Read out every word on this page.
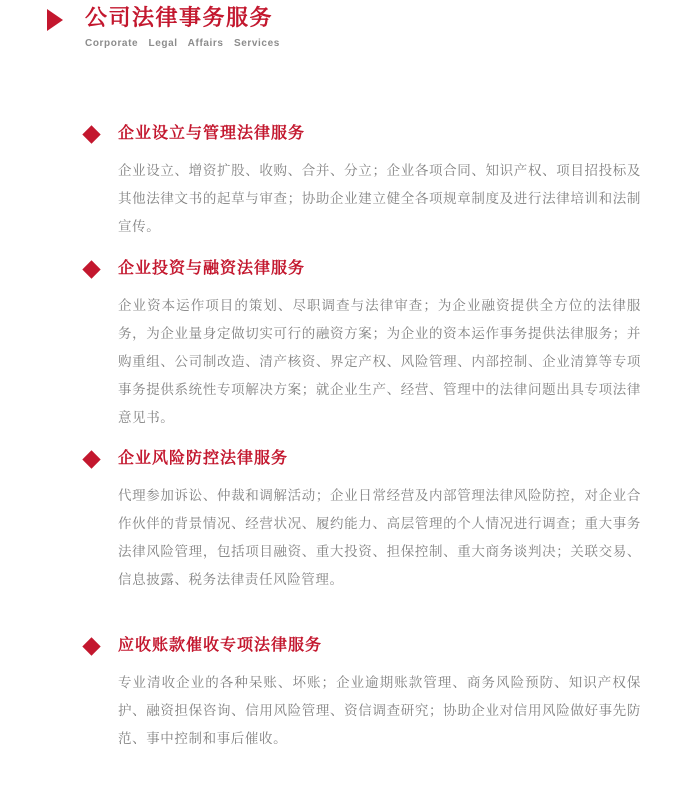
公司法律事务服务
Corporate Legal Affairs Services
企业设立与管理法律服务

企业设立、增资扩股、收购、合并、分立；企业各项合同、知识产权、项目招投标及其他法律文书的起草与审查；协助企业建立健全各项规章制度及进行法律培训和法制宣传。

企业投资与融资法律服务

企业资本运作项目的策划、尽职调查与法律审查；为企业融资提供全方位的法律服务，为企业量身定做切实可行的融资方案；为企业的资本运作事务提供法律服务；并购重组、公司制改造、清产核资、界定产权、风险管理、内部控制、企业清算等专项事务提供系统性专项解决方案；就企业生产、经营、管理中的法律问题出具专项法律意见书。

企业风险防控法律服务

代理参加诉讼、仲裁和调解活动；企业日常经营及内部管理法律风险防控，对企业合作伙伴的背景情况、经营状况、履约能力、高层管理的个人情况进行调查；重大事务法律风险管理，包括项目融资、重大投资、担保控制、重大商务谈判决；关联交易、信息披露、税务法律责任风险管理。

应收账款催收专项法律服务

专业清收企业的各种呆账、坏账；企业逾期账款管理、商务风险预防、知识产权保护、融资担保咨询、信用风险管理、资信调查研究；协助企业对信用风险做好事先防范、事中控制和事后催收。
